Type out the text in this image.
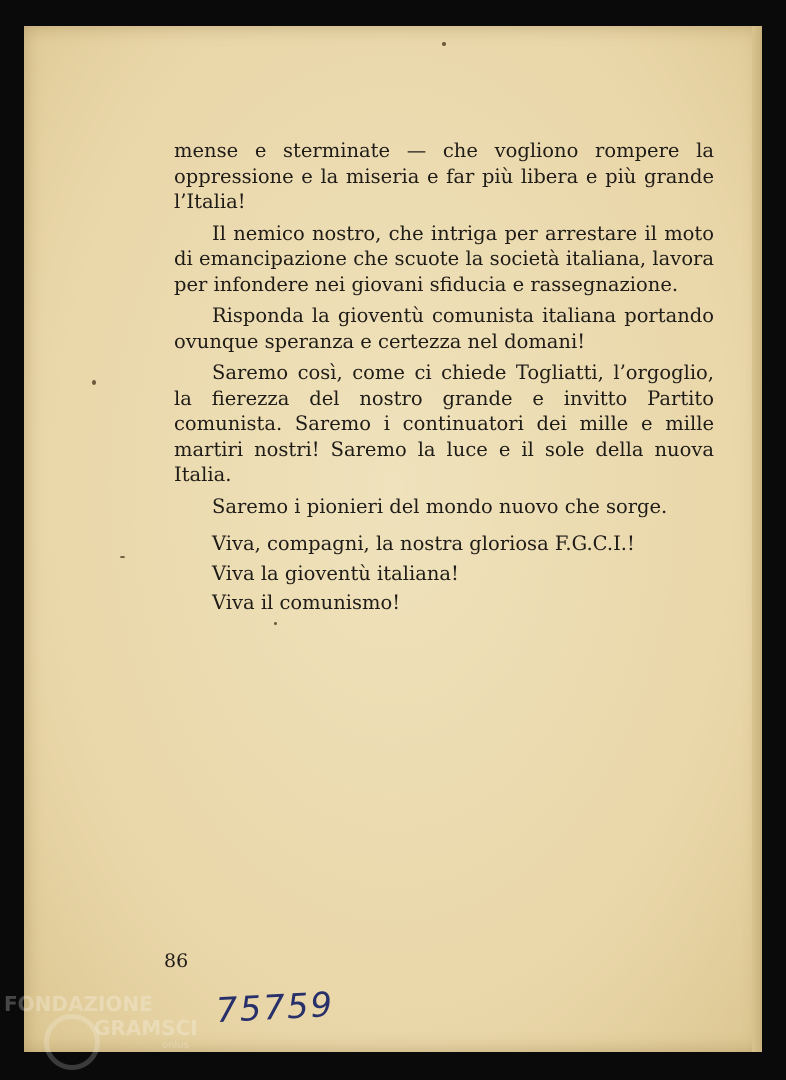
mense e sterminate — che vogliono rompere la oppressione e la miseria e far più libera e più grande l’Italia!

Il nemico nostro, che intriga per arrestare il moto di emancipazione che scuote la società italiana, lavora per infondere nei giovani sfiducia e rassegnazione.

Risponda la gioventù comunista italiana portando ovunque speranza e certezza nel domani!

Saremo così, come ci chiede Togliatti, l’orgoglio, la fierezza del nostro grande e invitto Partito comunista. Saremo i continuatori dei mille e mille martiri nostri! Saremo la luce e il sole della nuova Italia.

Saremo i pionieri del mondo nuovo che sorge.

Viva, compagni, la nostra gloriosa F.G.C.I.!
Viva la gioventù italiana!
Viva il comunismo!
86
75759
FONDAZIONE
GRAMSCI
onlus
